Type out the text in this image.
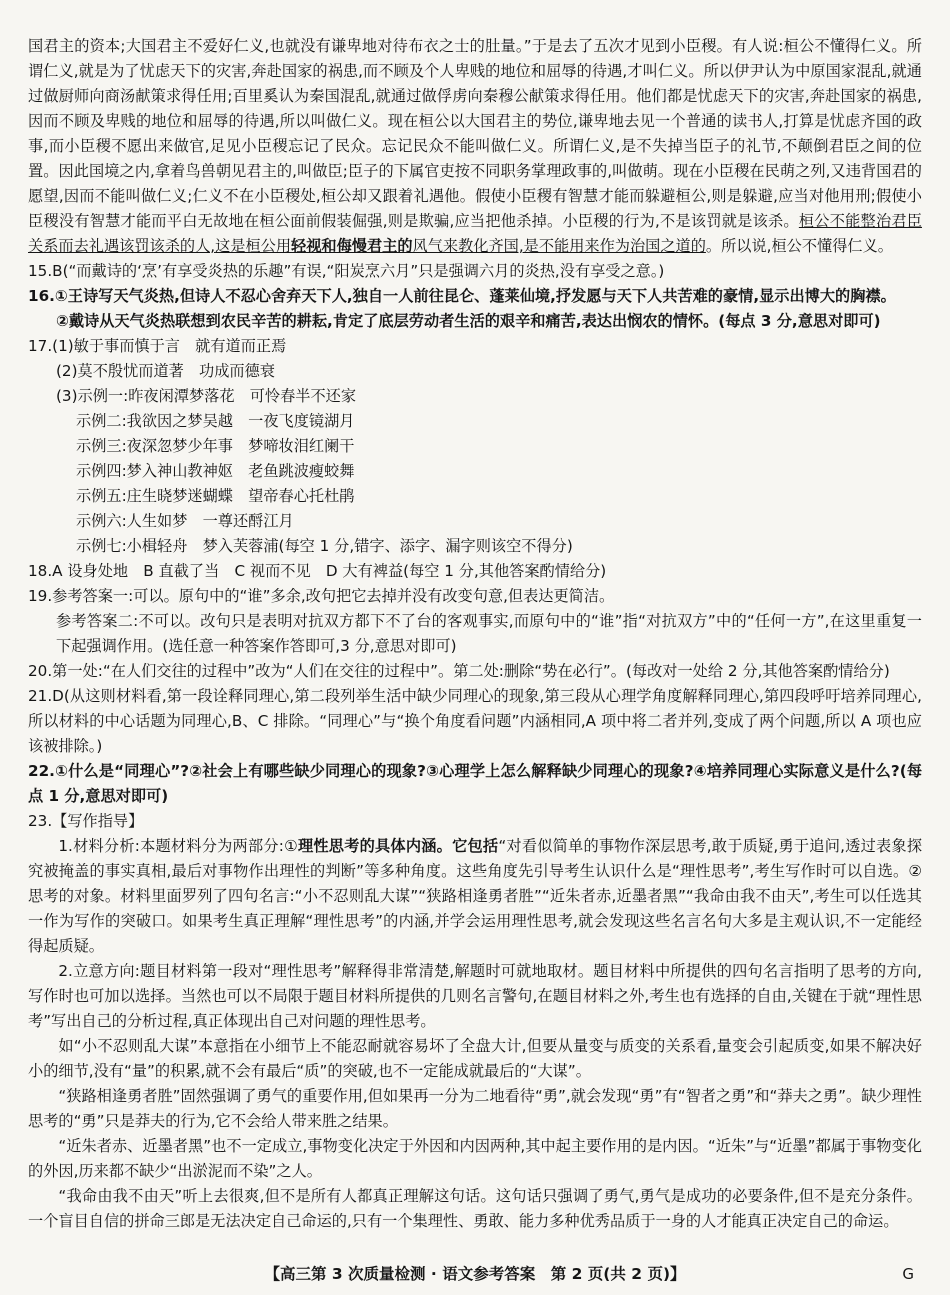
国君主的资本;大国君主不爱好仁义,也就没有谦卑地对待布衣之士的肚量。”于是去了五次才见到小臣稷。有人说:桓公不懂得仁义。所谓仁义,就是为了忧虑天下的灾害,奔赴国家的祸患,而不顾及个人卑贱的地位和屈辱的待遇,才叫仁义。所以伊尹认为中原国家混乱,就通过做厨师向商汤献策求得任用;百里奚认为秦国混乱,就通过做俘虏向秦穆公献策求得任用。他们都是忧虑天下的灾害,奔赴国家的祸患,因而不顾及卑贱的地位和屈辱的待遇,所以叫做仁义。现在桓公以大国君主的势位,谦卑地去见一个普通的读书人,打算是忧虑齐国的政事,而小臣稷不愿出来做官,足见小臣稷忘记了民众。忘记民众不能叫做仁义。所谓仁义,是不失掉当臣子的礼节,不颠倒君臣之间的位置。因此国境之内,拿着鸟兽朝见君主的,叫做臣;臣子的下属官吏按不同职务掌理政事的,叫做萌。现在小臣稷在民萌之列,又违背国君的愿望,因而不能叫做仁义;仁义不在小臣稷处,桓公却又跟着礼遇他。假使小臣稷有智慧才能而躲避桓公,则是躲避,应当对他用刑;假使小臣稷没有智慧才能而平白无故地在桓公面前假装倔强,则是欺骗,应当把他杀掉。小臣稷的行为,不是该罚就是该杀。桓公不能整治君臣关系而去礼遇该罚该杀的人,这是桓公用轻视和侮慢君主的风气来教化齐国,是不能用来作为治国之道的。所以说,桓公不懂得仁义。

15.B(“而戴诗的‘烹’有享受炎热的乐趣”有误,“阳炭烹六月”只是强调六月的炎热,没有享受之意。)

16.①王诗写天气炎热,但诗人不忍心舍弃天下人,独自一人前往昆仑、蓬莱仙境,抒发愿与天下人共苦难的豪情,显示出博大的胸襟。

②戴诗从天气炎热联想到农民辛苦的耕耘,肯定了底层劳动者生活的艰辛和痛苦,表达出悯农的情怀。(每点 3 分,意思对即可)

17.(1)敏于事而慎于言　就有道而正焉

(2)莫不殷忧而道著　功成而德衰

(3)示例一:昨夜闲潭梦落花　可怜春半不还家

示例二:我欲因之梦吴越　一夜飞度镜湖月

示例三:夜深忽梦少年事　梦啼妆泪红阑干

示例四:梦入神山教神妪　老鱼跳波瘦蛟舞

示例五:庄生晓梦迷蝴蝶　望帝春心托杜鹃

示例六:人生如梦　一尊还酹江月

示例七:小楫轻舟　梦入芙蓉浦(每空 1 分,错字、添字、漏字则该空不得分)

18.A 设身处地　B 直截了当　C 视而不见　D 大有裨益(每空 1 分,其他答案酌情给分)

19.参考答案一:可以。原句中的“谁”多余,改句把它去掉并没有改变句意,但表达更简洁。

参考答案二:不可以。改句只是表明对抗双方都下不了台的客观事实,而原句中的“谁”指“对抗双方”中的“任何一方”,在这里重复一下起强调作用。(选任意一种答案作答即可,3 分,意思对即可)

20.第一处:“在人们交往的过程中”改为“人们在交往的过程中”。第二处:删除“势在必行”。(每改对一处给 2 分,其他答案酌情给分)

21.D(从这则材料看,第一段诠释同理心,第二段列举生活中缺少同理心的现象,第三段从心理学角度解释同理心,第四段呼吁培养同理心,所以材料的中心话题为同理心,B、C 排除。“同理心”与“换个角度看问题”内涵相同,A 项中将二者并列,变成了两个问题,所以 A 项也应该被排除。)

22.①什么是“同理心”?②社会上有哪些缺少同理心的现象?③心理学上怎么解释缺少同理心的现象?④培养同理心实际意义是什么?(每点 1 分,意思对即可)

23.【写作指导】

1.材料分析:本题材料分为两部分:①理性思考的具体内涵。它包括“对看似简单的事物作深层思考,敢于质疑,勇于追问,透过表象探究被掩盖的事实真相,最后对事物作出理性的判断”等多种角度。这些角度先引导考生认识什么是“理性思考”,考生写作时可以自选。②思考的对象。材料里面罗列了四句名言:“小不忍则乱大谋”“狭路相逢勇者胜”“近朱者赤,近墨者黑”“我命由我不由天”,考生可以任选其一作为写作的突破口。如果考生真正理解“理性思考”的内涵,并学会运用理性思考,就会发现这些名言名句大多是主观认识,不一定能经得起质疑。

2.立意方向:题目材料第一段对“理性思考”解释得非常清楚,解题时可就地取材。题目材料中所提供的四句名言指明了思考的方向,写作时也可加以选择。当然也可以不局限于题目材料所提供的几则名言警句,在题目材料之外,考生也有选择的自由,关键在于就“理性思考”写出自己的分析过程,真正体现出自己对问题的理性思考。

如“小不忍则乱大谋”本意指在小细节上不能忍耐就容易坏了全盘大计,但要从量变与质变的关系看,量变会引起质变,如果不解决好小的细节,没有“量”的积累,就不会有最后“质”的突破,也不一定能成就最后的“大谋”。

“狭路相逢勇者胜”固然强调了勇气的重要作用,但如果再一分为二地看待“勇”,就会发现“勇”有“智者之勇”和“莽夫之勇”。缺少理性思考的“勇”只是莽夫的行为,它不会给人带来胜之结果。

“近朱者赤、近墨者黑”也不一定成立,事物变化决定于外因和内因两种,其中起主要作用的是内因。“近朱”与“近墨”都属于事物变化的外因,历来都不缺少“出淤泥而不染”之人。

“我命由我不由天”听上去很爽,但不是所有人都真正理解这句话。这句话只强调了勇气,勇气是成功的必要条件,但不是充分条件。一个盲目自信的拼命三郎是无法决定自己命运的,只有一个集理性、勇敢、能力多种优秀品质于一身的人才能真正决定自己的命运。

【高三第 3 次质量检测 · 语文参考答案　第 2 页(共 2 页)】	G
